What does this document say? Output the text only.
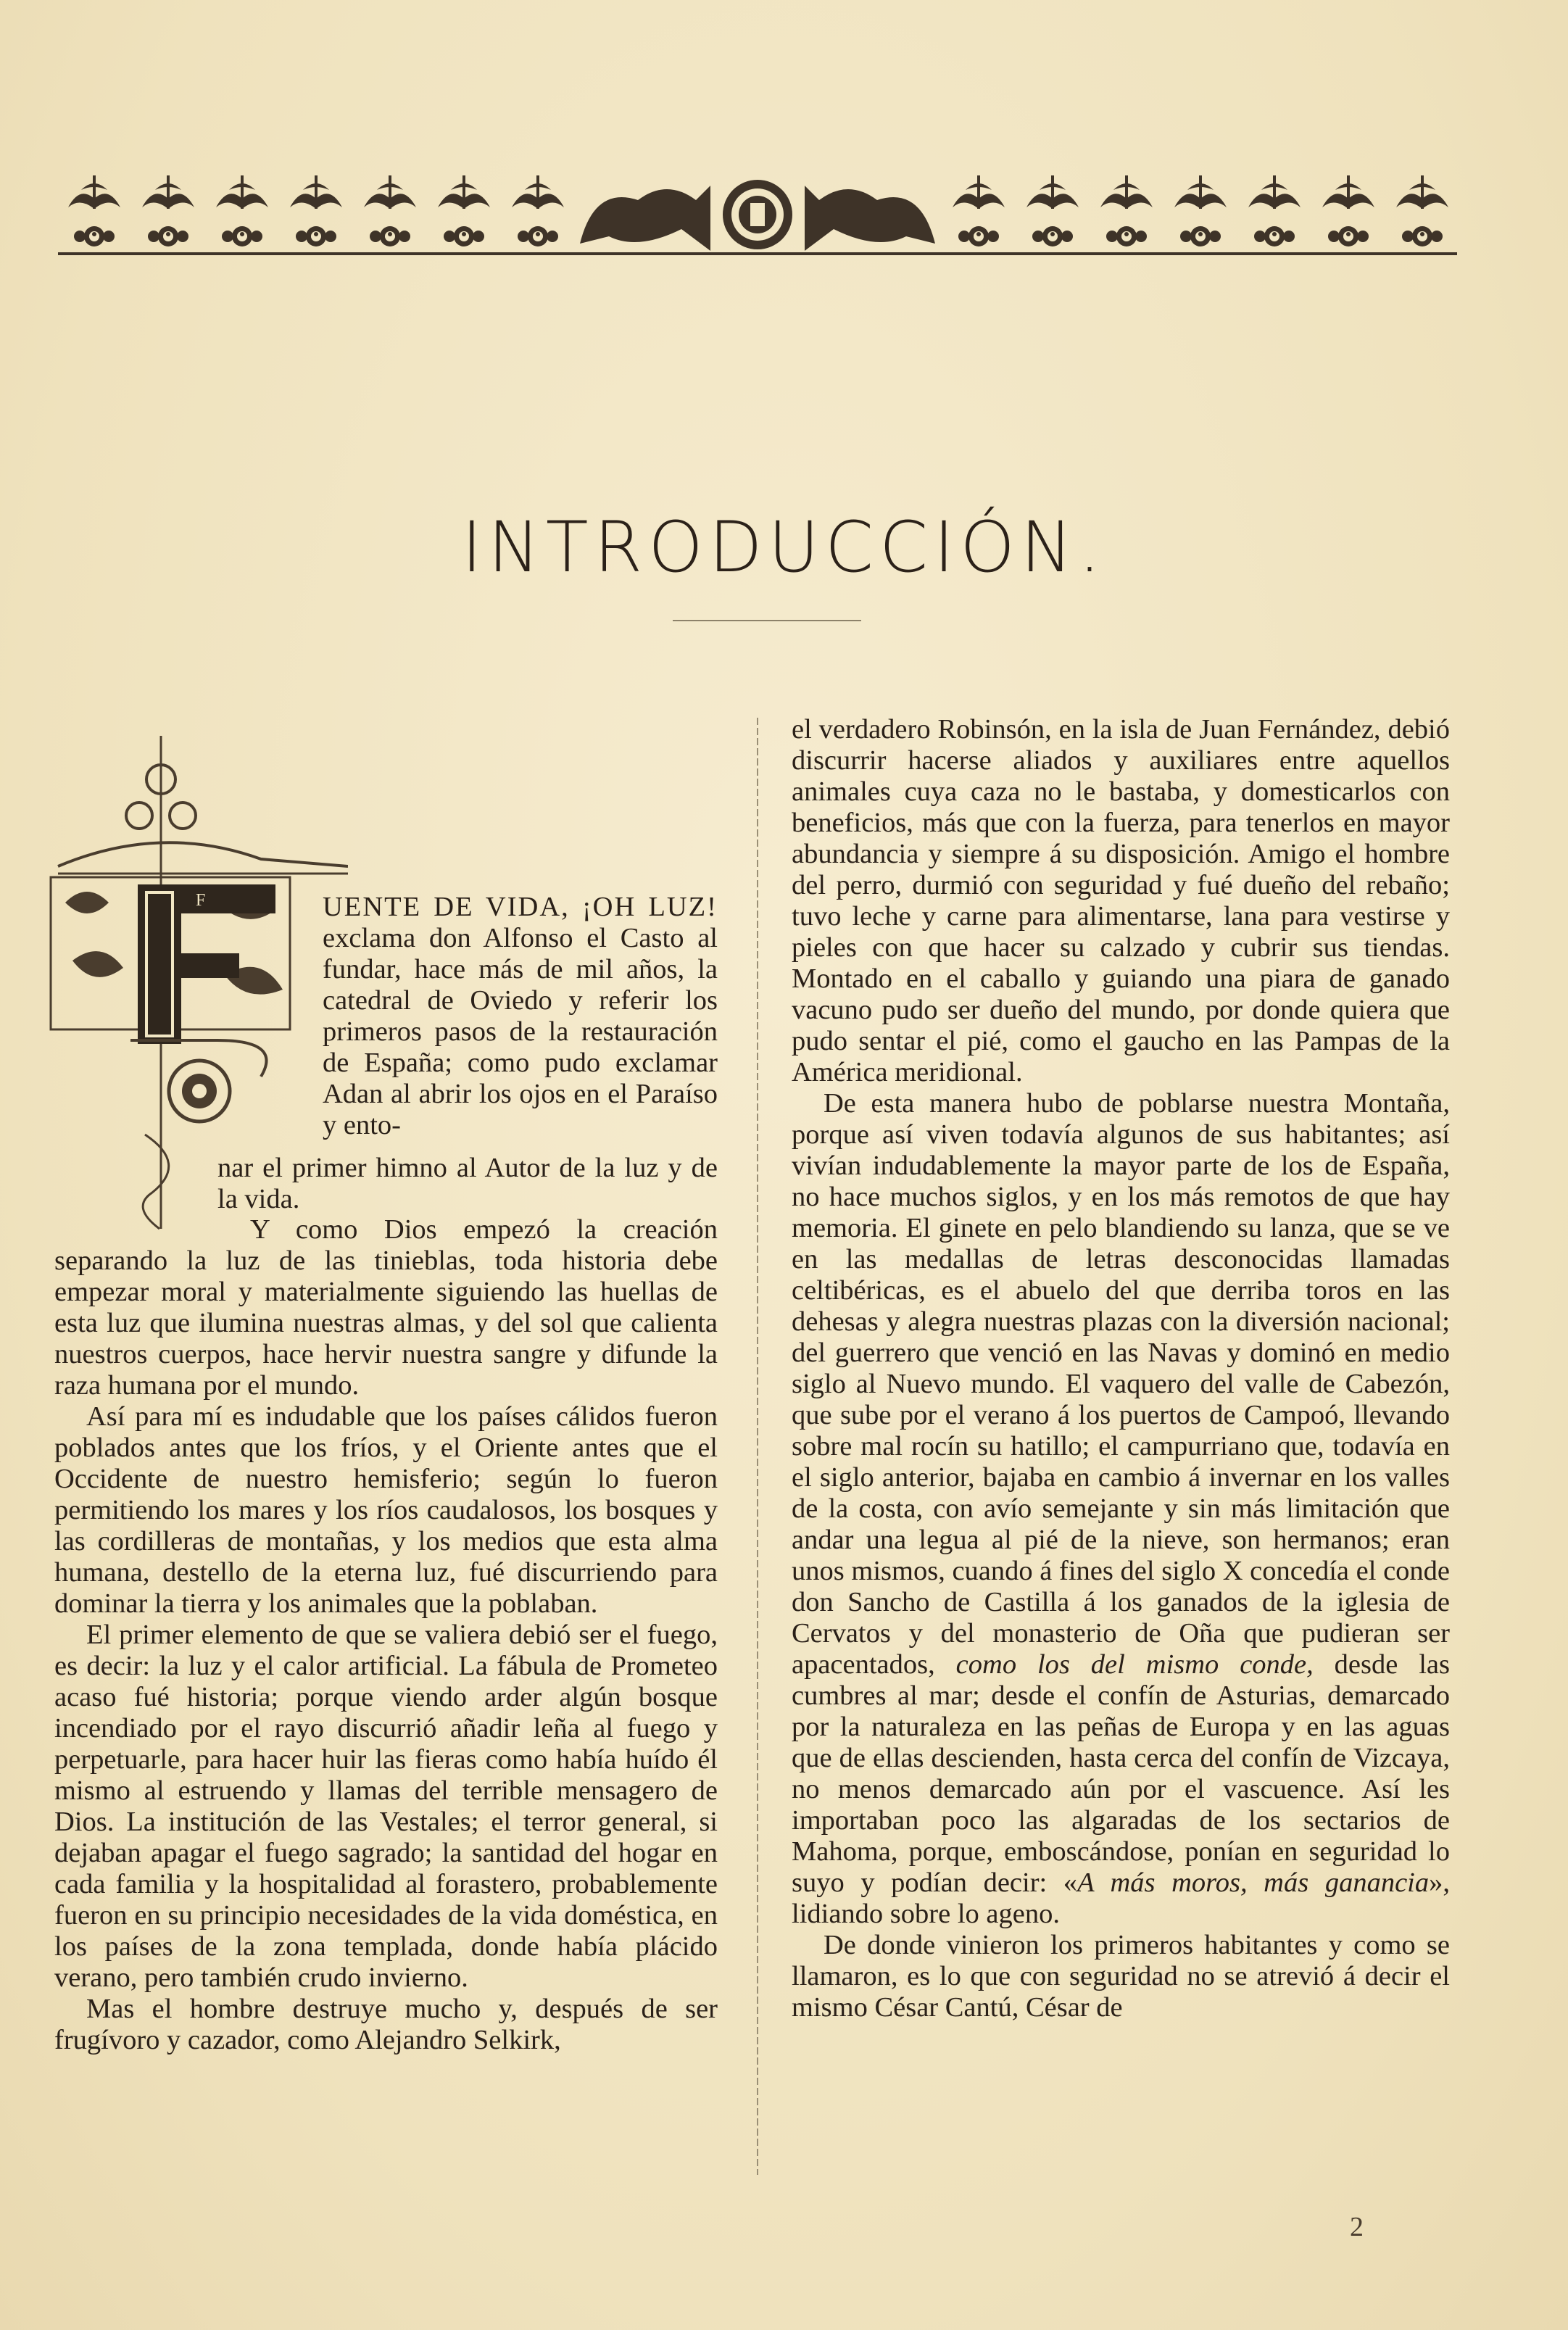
INTRODUCCIÓN.
F	UENTE DE VIDA, ¡OH LUZ! exclama don Alfonso el Casto al fundar, hace más de mil años, la catedral de Oviedo y referir los primeros pasos de la restauración de España; como pudo exclamar Adan al abrir los ojos en el Paraíso y ento-

nar el primer himno al Autor de la luz y de la vida.

Y como Dios empezó la creación separando la luz de las tinieblas, toda historia debe empezar moral y materialmente siguiendo las huellas de esta luz que ilumina nuestras almas, y del sol que calienta nuestros cuerpos, hace hervir nuestra sangre y difunde la raza humana por el mundo.

Así para mí es indudable que los países cálidos fueron poblados antes que los fríos, y el Oriente antes que el Occidente de nuestro hemisferio; según lo fueron permitiendo los mares y los ríos caudalosos, los bosques y las cordilleras de montañas, y los medios que esta alma humana, destello de la eterna luz, fué discurriendo para dominar la tierra y los animales que la poblaban.

El primer elemento de que se valiera debió ser el fuego, es decir: la luz y el calor artificial. La fábula de Prometeo acaso fué historia; porque viendo arder algún bosque incendiado por el rayo discurrió añadir leña al fuego y perpetuarle, para hacer huir las fieras como había huído él mismo al estruendo y llamas del terrible mensagero de Dios. La institución de las Vestales; el terror general, si dejaban apagar el fuego sagrado; la santidad del hogar en cada familia y la hospitalidad al forastero, probablemente fueron en su principio necesidades de la vida doméstica, en los países de la zona templada, donde había plácido verano, pero también crudo invierno.

Mas el hombre destruye mucho y, después de ser frugívoro y cazador, como Alejandro Selkirk,

el verdadero Robinsón, en la isla de Juan Fernández, debió discurrir hacerse aliados y auxiliares entre aquellos animales cuya caza no le bastaba, y domesticarlos con beneficios, más que con la fuerza, para tenerlos en mayor abundancia y siempre á su disposición. Amigo el hombre del perro, durmió con seguridad y fué dueño del rebaño; tuvo leche y carne para alimentarse, lana para vestirse y pieles con que hacer su calzado y cubrir sus tiendas. Montado en el caballo y guiando una piara de ganado vacuno pudo ser dueño del mundo, por donde quiera que pudo sentar el pié, como el gaucho en las Pampas de la América meridional.

De esta manera hubo de poblarse nuestra Montaña, porque así viven todavía algunos de sus habitantes; así vivían indudablemente la mayor parte de los de España, no hace muchos siglos, y en los más remotos de que hay memoria. El ginete en pelo blandiendo su lanza, que se ve en las medallas de letras desconocidas llamadas celtibéricas, es el abuelo del que derriba toros en las dehesas y alegra nuestras plazas con la diversión nacional; del guerrero que venció en las Navas y dominó en medio siglo al Nuevo mundo. El vaquero del valle de Cabezón, que sube por el verano á los puertos de Campoó, llevando sobre mal rocín su hatillo; el campurriano que, todavía en el siglo anterior, bajaba en cambio á invernar en los valles de la costa, con avío semejante y sin más limitación que andar una legua al pié de la nieve, son hermanos; eran unos mismos, cuando á fines del siglo X concedía el conde don Sancho de Castilla á los ganados de la iglesia de Cervatos y del monasterio de Oña que pudieran ser apacentados, como los del mismo conde, desde las cumbres al mar; desde el confín de Asturias, demarcado por la naturaleza en las peñas de Europa y en las aguas que de ellas descienden, hasta cerca del confín de Vizcaya, no menos demarcado aún por el vascuence. Así les importaban poco las algaradas de los sectarios de Mahoma, porque, emboscándose, ponían en seguridad lo suyo y podían decir: «A más moros, más ganancia», lidiando sobre lo ageno.

De donde vinieron los primeros habitantes y como se llamaron, es lo que con seguridad no se atrevió á decir el mismo César Cantú, César de

2
